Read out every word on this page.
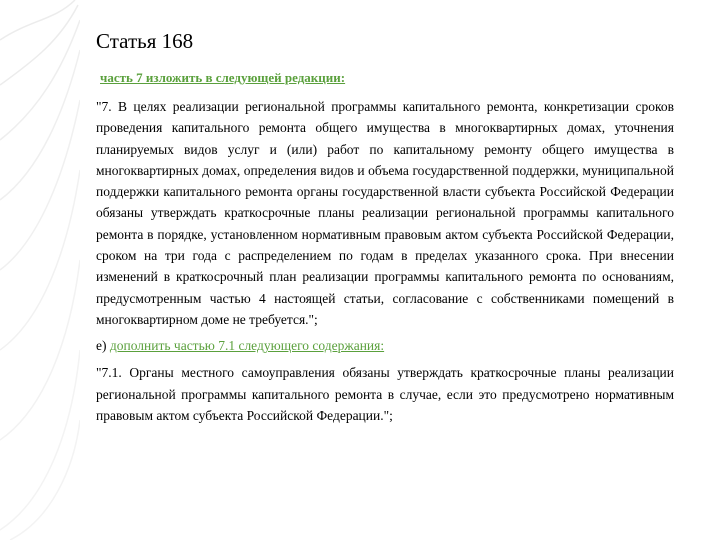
Статья 168
часть 7 изложить в следующей редакции:
"7. В целях реализации региональной программы капитального ремонта, конкретизации сроков проведения капитального ремонта общего имущества в многоквартирных домах, уточнения планируемых видов услуг и (или) работ по капитальному ремонту общего имущества в многоквартирных домах, определения видов и объема государственной поддержки, муниципальной поддержки капитального ремонта органы государственной власти субъекта Российской Федерации обязаны утверждать краткосрочные планы реализации региональной программы капитального ремонта в порядке, установленном нормативным правовым актом субъекта Российской Федерации, сроком на три года с распределением по годам в пределах указанного срока. При внесении изменений в краткосрочный план реализации программы капитального ремонта по основаниям, предусмотренным частью 4 настоящей статьи, согласование с собственниками помещений в многоквартирном доме не требуется.";
е) дополнить частью 7.1 следующего содержания:
"7.1. Органы местного самоуправления обязаны утверждать краткосрочные планы реализации региональной программы капитального ремонта в случае, если это предусмотрено нормативным правовым актом субъекта Российской Федерации.";
